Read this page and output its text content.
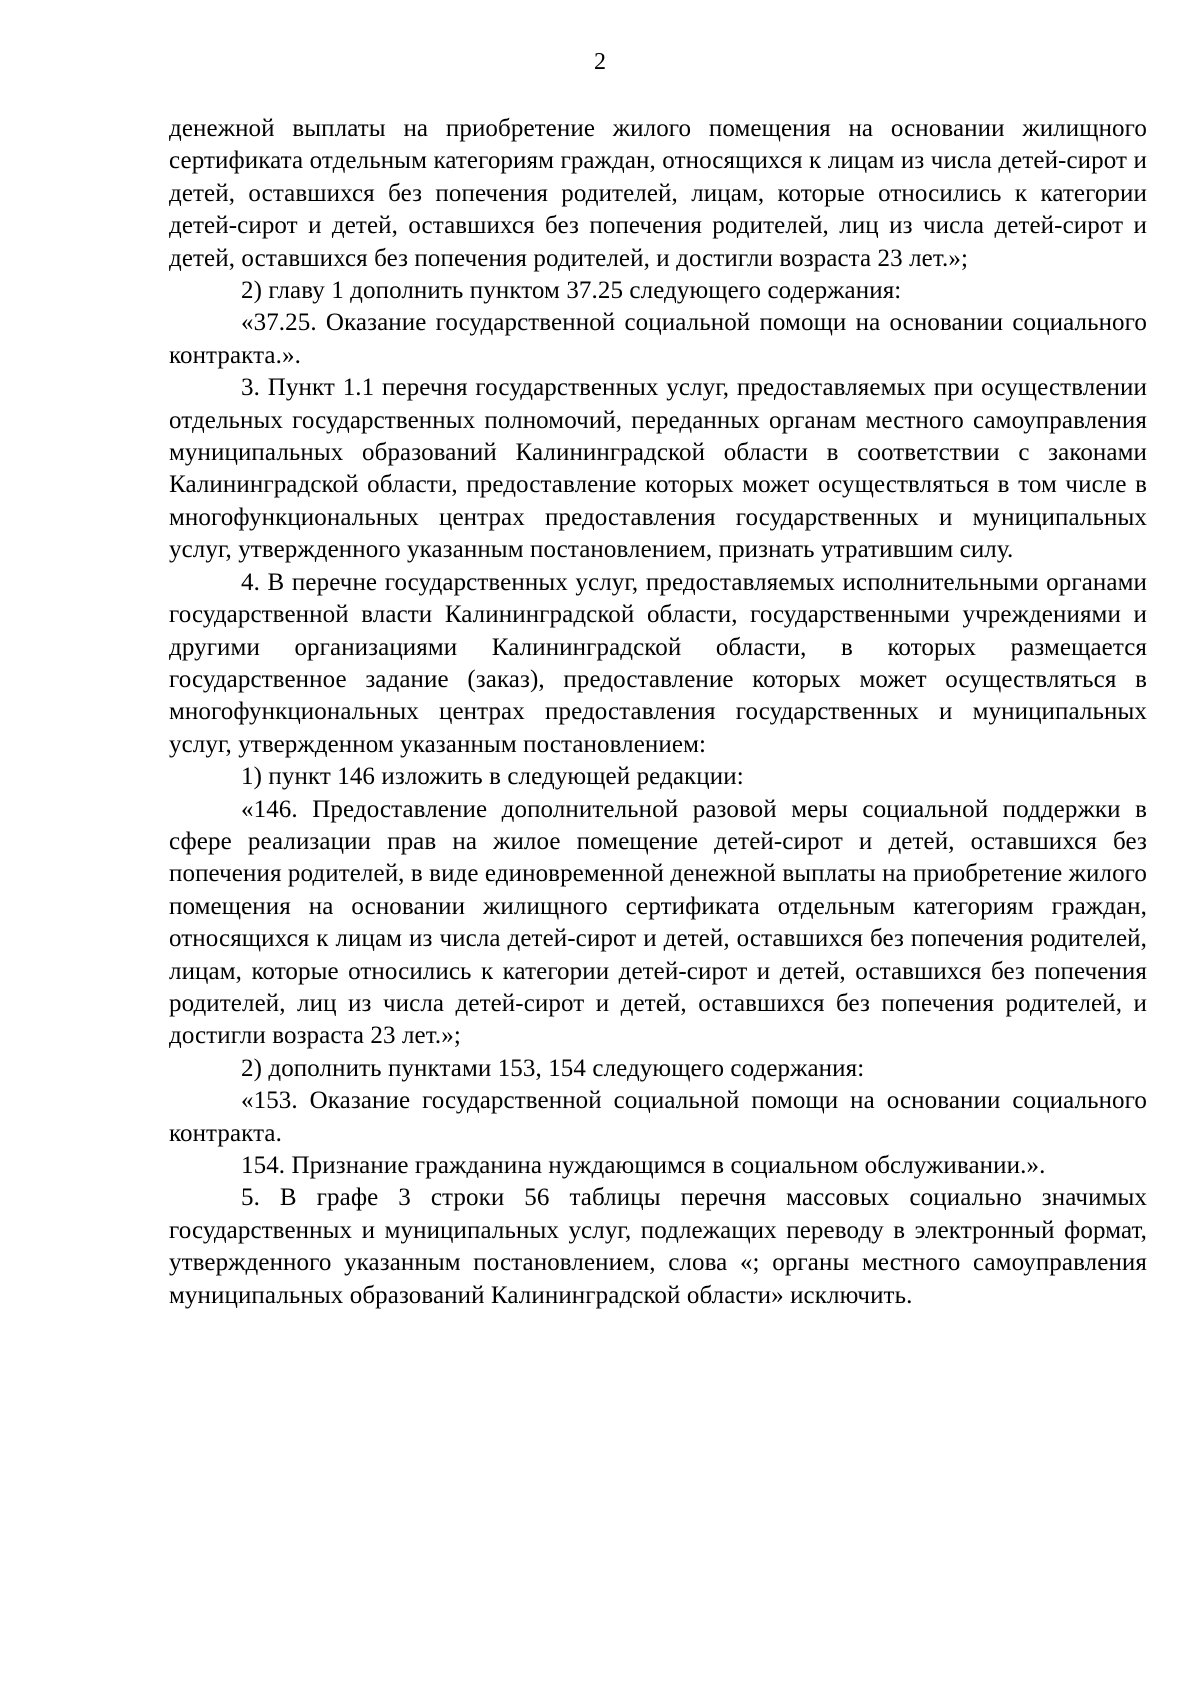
2

денежной выплаты на приобретение жилого помещения на основании жилищного сертификата отдельным категориям граждан, относящихся к лицам из числа детей-сирот и детей, оставшихся без попечения родителей, лицам, которые относились к категории детей-сирот и детей, оставшихся без попечения родителей, лиц из числа детей-сирот и детей, оставшихся без попечения родителей, и достигли возраста 23 лет.»;

2) главу 1 дополнить пунктом 37.25 следующего содержания:

«37.25. Оказание государственной социальной помощи на основании социального контракта.».

3. Пункт 1.1 перечня государственных услуг, предоставляемых при осуществлении отдельных государственных полномочий, переданных органам местного самоуправления муниципальных образований Калининградской области в соответствии с законами Калининградской области, предоставление которых может осуществляться в том числе в многофункциональных центрах предоставления государственных и муниципальных услуг, утвержденного указанным постановлением, признать утратившим силу.

4. В перечне государственных услуг, предоставляемых исполнительными органами государственной власти Калининградской области, государственными учреждениями и другими организациями Калининградской области, в которых размещается государственное задание (заказ), предоставление которых может осуществляться в многофункциональных центрах предоставления государственных и муниципальных услуг, утвержденном указанным постановлением:

1) пункт 146 изложить в следующей редакции:

«146. Предоставление дополнительной разовой меры социальной поддержки в сфере реализации прав на жилое помещение детей-сирот и детей, оставшихся без попечения родителей, в виде единовременной денежной выплаты на приобретение жилого помещения на основании жилищного сертификата отдельным категориям граждан, относящихся к лицам из числа детей-сирот и детей, оставшихся без попечения родителей, лицам, которые относились к категории детей-сирот и детей, оставшихся без попечения родителей, лиц из числа детей-сирот и детей, оставшихся без попечения родителей, и достигли возраста 23 лет.»;

2) дополнить пунктами 153, 154 следующего содержания:

«153. Оказание государственной социальной помощи на основании социального контракта.

154. Признание гражданина нуждающимся в социальном обслуживании.».

5. В графе 3 строки 56 таблицы перечня массовых социально значимых государственных и муниципальных услуг, подлежащих переводу в электронный формат, утвержденного указанным постановлением, слова «; органы местного самоуправления муниципальных образований Калининградской области» исключить.
